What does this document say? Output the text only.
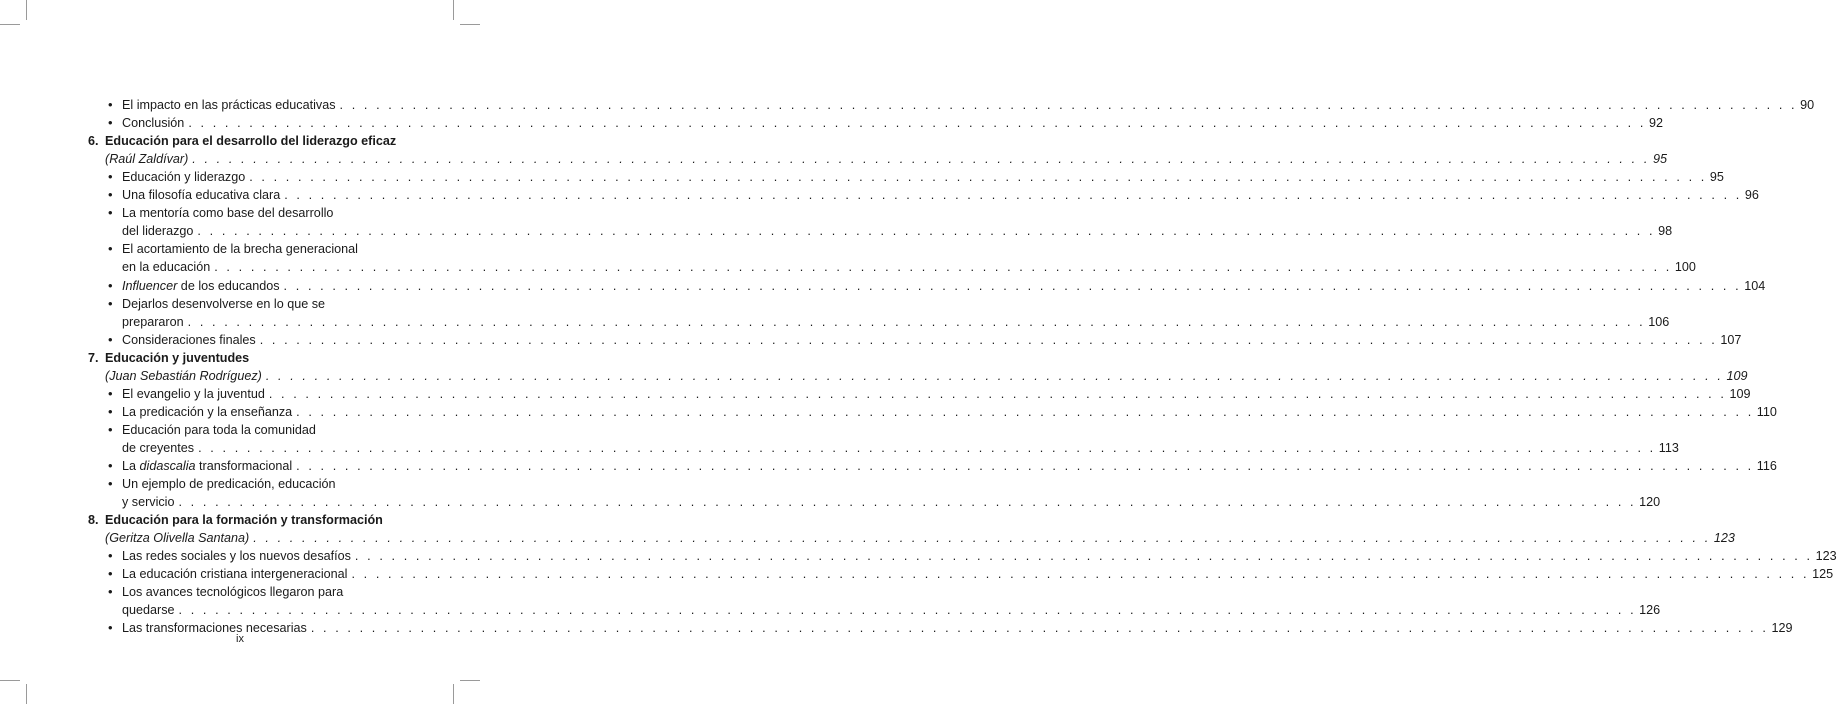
• El impacto en las prácticas educativas . . . . . . . . . . . . . . . . . . . . . . . . . . . . . . . . . . . . . . . . . . . . . . . . . . . . . . . . . . . . . . . . . . . . . . . . . . . . . . . . . . . . . . . . . . . . . . . . . . . . . . . . . . . . . . . . . . . . . . . . 90
• Conclusión . . . . . . . . . . . . . . . . . . . . . . . . . . . . . . . . . . . . . . . . . . . . . . . . . . . . . . . . . . . . . . . . . . . . . . . . . . . . . . . . . . . . . . . . . . . . . . . . . . . . . . . . . . . . . . . . . . . . . . . . 92
6. Educación para el desarrollo del liderazgo eficaz
(Raúl Zaldívar) . . . . . . . . . . . . . . . . . . . . . . . . . . . . . . . . . . . . . . . . . . . . . . . . . . . . . . . . . . . . . . . . . . . . . . . . . . . . . . . . . . . . . . . . . . . . . . . . . . . . . . . . . . . . . . . . . . . . . . . . 95
• Educación y liderazgo . . . . . . . . . . . . . . . . . . . . . . . . . . . . . . . . . . . . . . . . . . . . . . . . . . . . . . . . . . . . . . . . . . . . . . . . . . . . . . . . . . . . . . . . . . . . . . . . . . . . . . . . . . . . . . . . . . . . . . . . 95
• Una filosofía educativa clara . . . . . . . . . . . . . . . . . . . . . . . . . . . . . . . . . . . . . . . . . . . . . . . . . . . . . . . . . . . . . . . . . . . . . . . . . . . . . . . . . . . . . . . . . . . . . . . . . . . . . . . . . . . . . . . . . . . . . . . . 96
• La mentoría como base del desarrollo
del liderazgo . . . . . . . . . . . . . . . . . . . . . . . . . . . . . . . . . . . . . . . . . . . . . . . . . . . . . . . . . . . . . . . . . . . . . . . . . . . . . . . . . . . . . . . . . . . . . . . . . . . . . . . . . . . . . . . . . . . . . . . . 98
• El acortamiento de la brecha generacional
en la educación . . . . . . . . . . . . . . . . . . . . . . . . . . . . . . . . . . . . . . . . . . . . . . . . . . . . . . . . . . . . . . . . . . . . . . . . . . . . . . . . . . . . . . . . . . . . . . . . . . . . . . . . . . . . . . . . . . . . . . . . 100
• Influencer de los educandos . . . . . . . . . . . . . . . . . . . . . . . . . . . . . . . . . . . . . . . . . . . . . . . . . . . . . . . . . . . . . . . . . . . . . . . . . . . . . . . . . . . . . . . . . . . . . . . . . . . . . . . . . . . . . . . . . . . . . . . . 104
• Dejarlos desenvolverse en lo que se
prepararon . . . . . . . . . . . . . . . . . . . . . . . . . . . . . . . . . . . . . . . . . . . . . . . . . . . . . . . . . . . . . . . . . . . . . . . . . . . . . . . . . . . . . . . . . . . . . . . . . . . . . . . . . . . . . . . . . . . . . . . . 106
• Consideraciones finales . . . . . . . . . . . . . . . . . . . . . . . . . . . . . . . . . . . . . . . . . . . . . . . . . . . . . . . . . . . . . . . . . . . . . . . . . . . . . . . . . . . . . . . . . . . . . . . . . . . . . . . . . . . . . . . . . . . . . . . . 107
7. Educación y juventudes
(Juan Sebastián Rodríguez) . . . . . . . . . . . . . . . . . . . . . . . . . . . . . . . . . . . . . . . . . . . . . . . . . . . . . . . . . . . . . . . . . . . . . . . . . . . . . . . . . . . . . . . . . . . . . . . . . . . . . . . . . . . . . . . . . . . . . . . . 109
• El evangelio y la juventud . . . . . . . . . . . . . . . . . . . . . . . . . . . . . . . . . . . . . . . . . . . . . . . . . . . . . . . . . . . . . . . . . . . . . . . . . . . . . . . . . . . . . . . . . . . . . . . . . . . . . . . . . . . . . . . . . . . . . . . . 109
• La predicación y la enseñanza . . . . . . . . . . . . . . . . . . . . . . . . . . . . . . . . . . . . . . . . . . . . . . . . . . . . . . . . . . . . . . . . . . . . . . . . . . . . . . . . . . . . . . . . . . . . . . . . . . . . . . . . . . . . . . . . . . . . . . . . 110
• Educación para toda la comunidad
de creyentes . . . . . . . . . . . . . . . . . . . . . . . . . . . . . . . . . . . . . . . . . . . . . . . . . . . . . . . . . . . . . . . . . . . . . . . . . . . . . . . . . . . . . . . . . . . . . . . . . . . . . . . . . . . . . . . . . . . . . . . . 113
• La didascalia transformacional . . . . . . . . . . . . . . . . . . . . . . . . . . . . . . . . . . . . . . . . . . . . . . . . . . . . . . . . . . . . . . . . . . . . . . . . . . . . . . . . . . . . . . . . . . . . . . . . . . . . . . . . . . . . . . . . . . . . . . . . 116
• Un ejemplo de predicación, educación
y servicio . . . . . . . . . . . . . . . . . . . . . . . . . . . . . . . . . . . . . . . . . . . . . . . . . . . . . . . . . . . . . . . . . . . . . . . . . . . . . . . . . . . . . . . . . . . . . . . . . . . . . . . . . . . . . . . . . . . . . . . . 120
8. Educación para la formación y transformación
(Geritza Olivella Santana) . . . . . . . . . . . . . . . . . . . . . . . . . . . . . . . . . . . . . . . . . . . . . . . . . . . . . . . . . . . . . . . . . . . . . . . . . . . . . . . . . . . . . . . . . . . . . . . . . . . . . . . . . . . . . . . . . . . . . . . . 123
• Las redes sociales y los nuevos desafíos . . . . . . . . . . . . . . . . . . . . . . . . . . . . . . . . . . . . . . . . . . . . . . . . . . . . . . . . . . . . . . . . . . . . . . . . . . . . . . . . . . . . . . . . . . . . . . . . . . . . . . . . . . . . . . . . . . . . . . . . 123
• La educación cristiana intergeneracional . . . . . . . . . . . . . . . . . . . . . . . . . . . . . . . . . . . . . . . . . . . . . . . . . . . . . . . . . . . . . . . . . . . . . . . . . . . . . . . . . . . . . . . . . . . . . . . . . . . . . . . . . . . . . . . . . . . . . . . . 125
• Los avances tecnológicos llegaron para
quedarse . . . . . . . . . . . . . . . . . . . . . . . . . . . . . . . . . . . . . . . . . . . . . . . . . . . . . . . . . . . . . . . . . . . . . . . . . . . . . . . . . . . . . . . . . . . . . . . . . . . . . . . . . . . . . . . . . . . . . . . . 126
• Las transformaciones necesarias . . . . . . . . . . . . . . . . . . . . . . . . . . . . . . . . . . . . . . . . . . . . . . . . . . . . . . . . . . . . . . . . . . . . . . . . . . . . . . . . . . . . . . . . . . . . . . . . . . . . . . . . . . . . . . . . . . . . . . . . 129
ix
